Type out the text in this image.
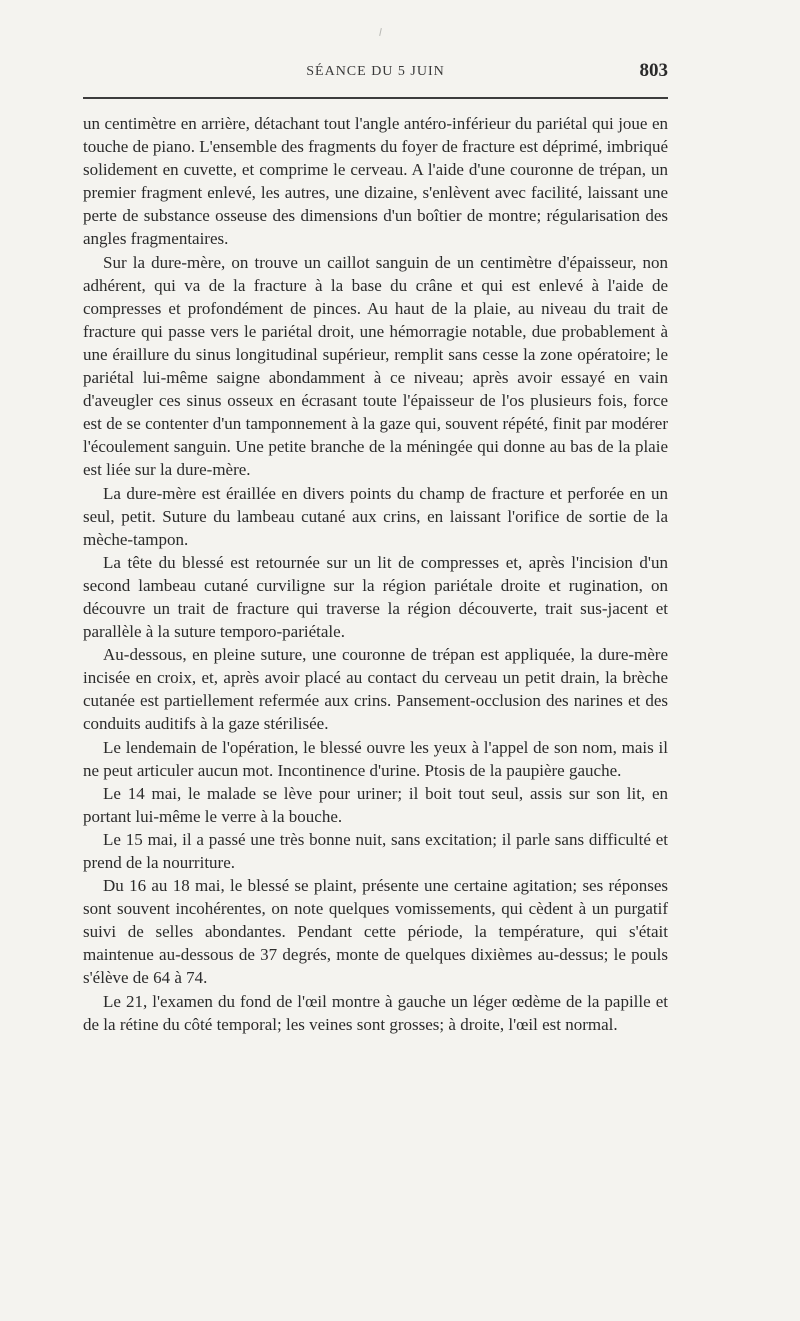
SÉANCE DU 5 JUIN	803

un centimètre en arrière, détachant tout l'angle antéro-inférieur du pariétal qui joue en touche de piano. L'ensemble des fragments du foyer de fracture est déprimé, imbriqué solidement en cuvette, et comprime le cerveau. A l'aide d'une couronne de trépan, un premier fragment enlevé, les autres, une dizaine, s'enlèvent avec facilité, laissant une perte de substance osseuse des dimensions d'un boîtier de montre; régularisation des angles fragmentaires.

Sur la dure-mère, on trouve un caillot sanguin de un centimètre d'épaisseur, non adhérent, qui va de la fracture à la base du crâne et qui est enlevé à l'aide de compresses et profondément de pinces. Au haut de la plaie, au niveau du trait de fracture qui passe vers le pariétal droit, une hémorragie notable, due probablement à une éraillure du sinus longitudinal supérieur, remplit sans cesse la zone opératoire; le pariétal lui-même saigne abondamment à ce niveau; après avoir essayé en vain d'aveugler ces sinus osseux en écrasant toute l'épaisseur de l'os plusieurs fois, force est de se contenter d'un tamponnement à la gaze qui, souvent répété, finit par modérer l'écoulement sanguin. Une petite branche de la méningée qui donne au bas de la plaie est liée sur la dure-mère.

La dure-mère est éraillée en divers points du champ de fracture et perforée en un seul, petit. Suture du lambeau cutané aux crins, en laissant l'orifice de sortie de la mèche-tampon.

La tête du blessé est retournée sur un lit de compresses et, après l'incision d'un second lambeau cutané curviligne sur la région pariétale droite et rugination, on découvre un trait de fracture qui traverse la région découverte, trait sus-jacent et parallèle à la suture temporo-pariétale.

Au-dessous, en pleine suture, une couronne de trépan est appliquée, la dure-mère incisée en croix, et, après avoir placé au contact du cerveau un petit drain, la brèche cutanée est partiellement refermée aux crins. Pansement-occlusion des narines et des conduits auditifs à la gaze stérilisée.

Le lendemain de l'opération, le blessé ouvre les yeux à l'appel de son nom, mais il ne peut articuler aucun mot. Incontinence d'urine. Ptosis de la paupière gauche.

Le 14 mai, le malade se lève pour uriner; il boit tout seul, assis sur son lit, en portant lui-même le verre à la bouche.

Le 15 mai, il a passé une très bonne nuit, sans excitation; il parle sans difficulté et prend de la nourriture.

Du 16 au 18 mai, le blessé se plaint, présente une certaine agitation; ses réponses sont souvent incohérentes, on note quelques vomissements, qui cèdent à un purgatif suivi de selles abondantes. Pendant cette période, la température, qui s'était maintenue au-dessous de 37 degrés, monte de quelques dixièmes au-dessus; le pouls s'élève de 64 à 74.

Le 21, l'examen du fond de l'œil montre à gauche un léger œdème de la papille et de la rétine du côté temporal; les veines sont grosses; à droite, l'œil est normal.
